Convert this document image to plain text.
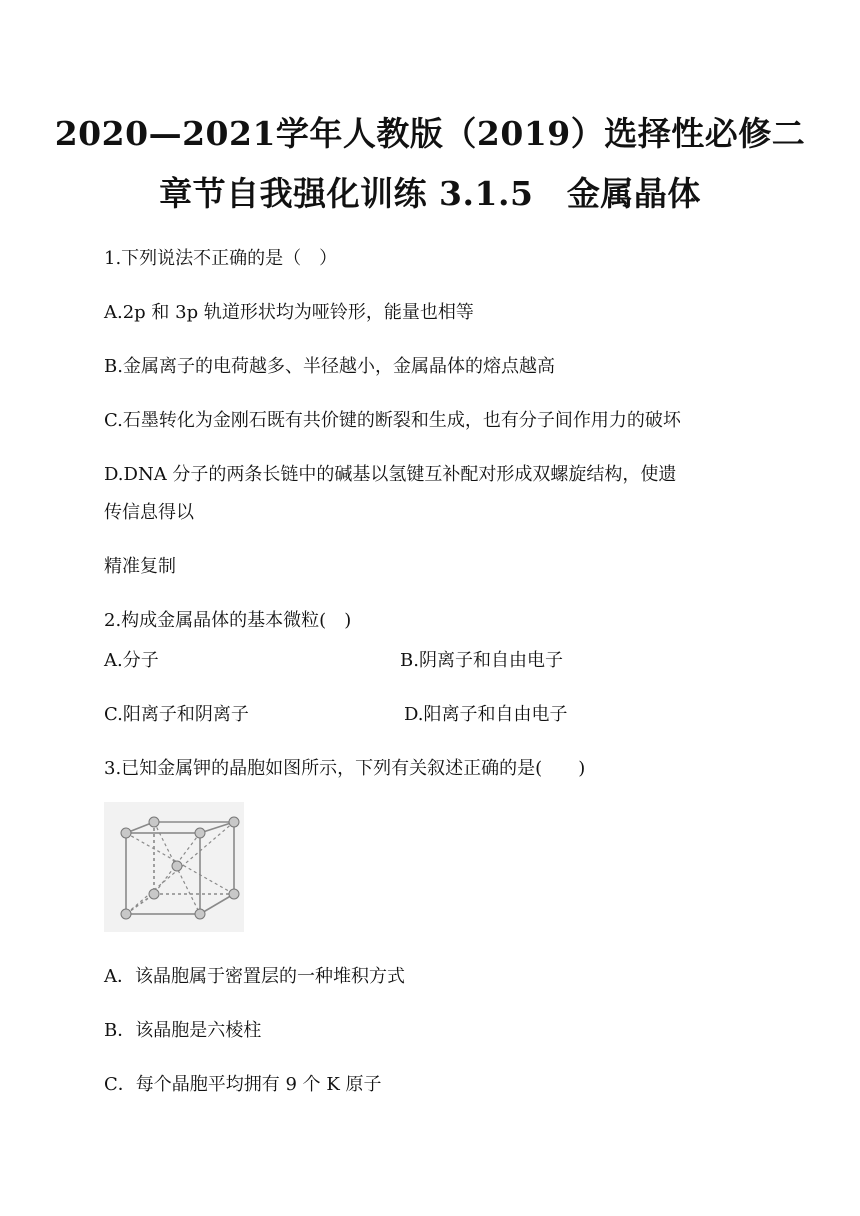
2020—2021学年人教版（2019）选择性必修二
章节自我强化训练 3.1.5　金属晶体
1.下列说法不正确的是（　）
A.2p 和 3p 轨道形状均为哑铃形，能量也相等
B.金属离子的电荷越多、半径越小，金属晶体的熔点越高
C.石墨转化为金刚石既有共价键的断裂和生成，也有分子间作用力的破坏
D.DNA 分子的两条长链中的碱基以氢键互补配对形成双螺旋结构，使遗
传信息得以
精准复制
2.构成金属晶体的基本微粒(　)
A.分子	B.阴离子和自由电子
C.阳离子和阴离子	D.阳离子和自由电子
3.已知金属钾的晶胞如图所示，下列有关叙述正确的是(　　)
A．该晶胞属于密置层的一种堆积方式
B．该晶胞是六棱柱
C．每个晶胞平均拥有 9 个 K 原子
